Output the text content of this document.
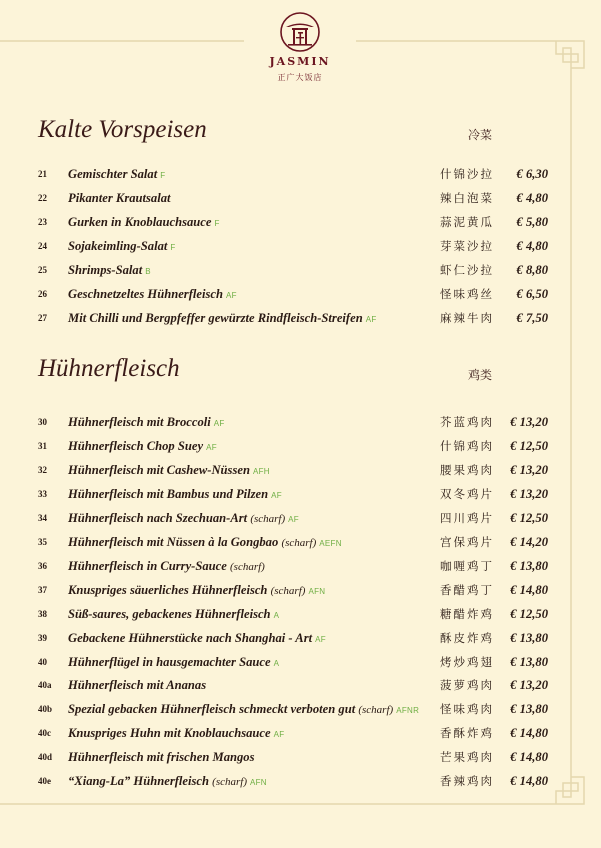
JASMIN
正广大饭店
Kalte Vorspeisen	冷菜
21	Gemischter Salat F	什锦沙拉 € 6,30
22	Pikanter Krautsalat	辣白泡菜 € 4,80
23	Gurken in Knoblauchsauce F	蒜泥黄瓜 € 5,80
24	Sojakeimling-Salat F	芽菜沙拉 € 4,80
25	Shrimps-Salat B	虾仁沙拉 € 8,80
26	Geschnetzeltes Hühnerfleisch AF	怪味鸡丝 € 6,50
27	Mit Chilli und Bergpfeffer gewürzte Rindfleisch-Streifen AF	麻辣牛肉 € 7,50
Hühnerfleisch	鸡类
30	Hühnerfleisch mit Broccoli AF	芥蓝鸡肉 € 13,20
31	Hühnerfleisch Chop Suey AF	什锦鸡肉 € 12,50
32	Hühnerfleisch mit Cashew-Nüssen AFH	腰果鸡肉 € 13,20
33	Hühnerfleisch mit Bambus und Pilzen AF	双冬鸡片 € 13,20
34	Hühnerfleisch nach Szechuan-Art (scharf) AF	四川鸡片 € 12,50
35	Hühnerfleisch mit Nüssen à la Gongbao (scharf) AEFN	宫保鸡片 € 14,20
36	Hühnerfleisch in Curry-Sauce (scharf)	咖喱鸡丁 € 13,80
37	Knuspriges säuerliches Hühnerfleisch (scharf) AFN	香醋鸡丁 € 14,80
38	Süß-saures, gebackenes Hühnerfleisch A	糖醋炸鸡 € 12,50
39	Gebackene Hühnerstücke nach Shanghai - Art AF	酥皮炸鸡 € 13,80
40	Hühnerflügel in hausgemachter Sauce A	烤炒鸡翅 € 13,80
40a	Hühnerfleisch mit Ananas	菠萝鸡肉 € 13,20
40b	Spezial gebacken Hühnerfleisch schmeckt verboten gut (scharf) AFNR 怪味鸡肉 € 13,80
40c	Knuspriges Huhn mit Knoblauchsauce AF	香酥炸鸡 € 14,80
40d	Hühnerfleisch mit frischen Mangos	芒果鸡肉 € 14,80
40e	“Xiang-La” Hühnerfleisch (scharf) AFN	香辣鸡肉 € 14,80
